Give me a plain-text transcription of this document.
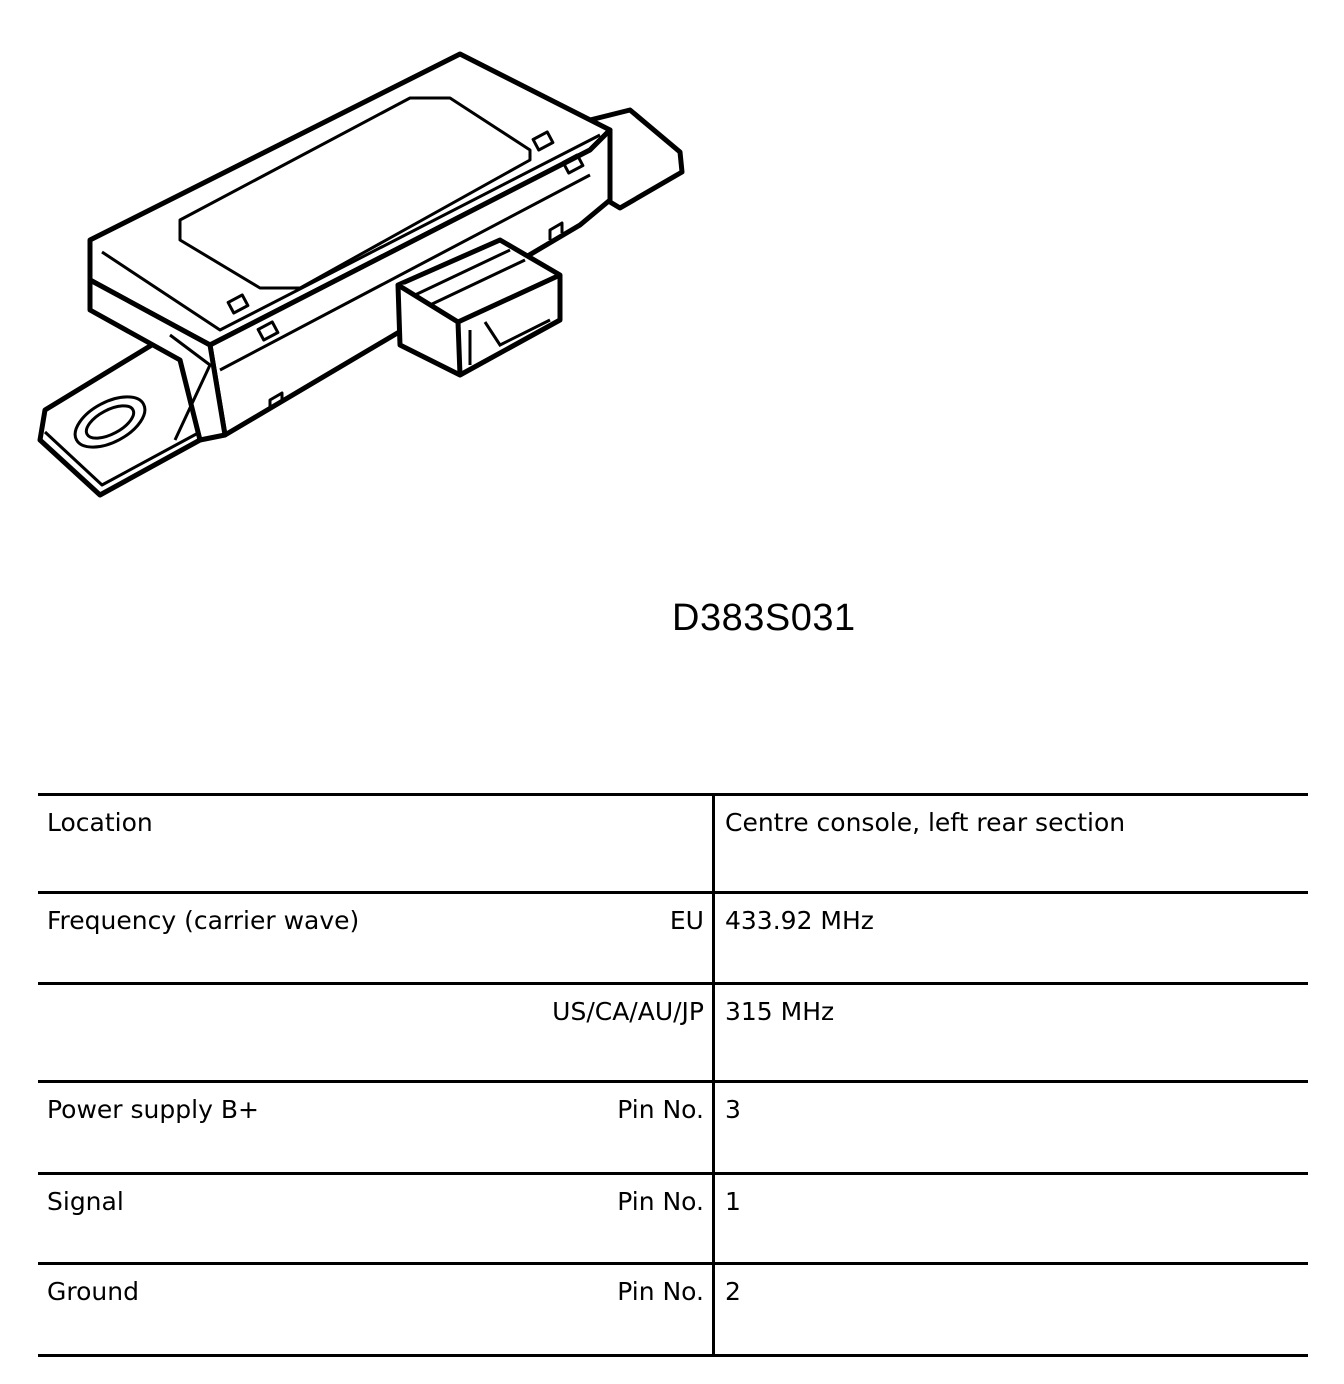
D383S031
Location	Centre console, left rear section
Frequency (carrier wave)	EU 433.92 MHz
US/CA/AU/JP 315 MHz
Power supply B+	Pin No. 3
Signal	Pin No. 1
Ground	Pin No. 2
